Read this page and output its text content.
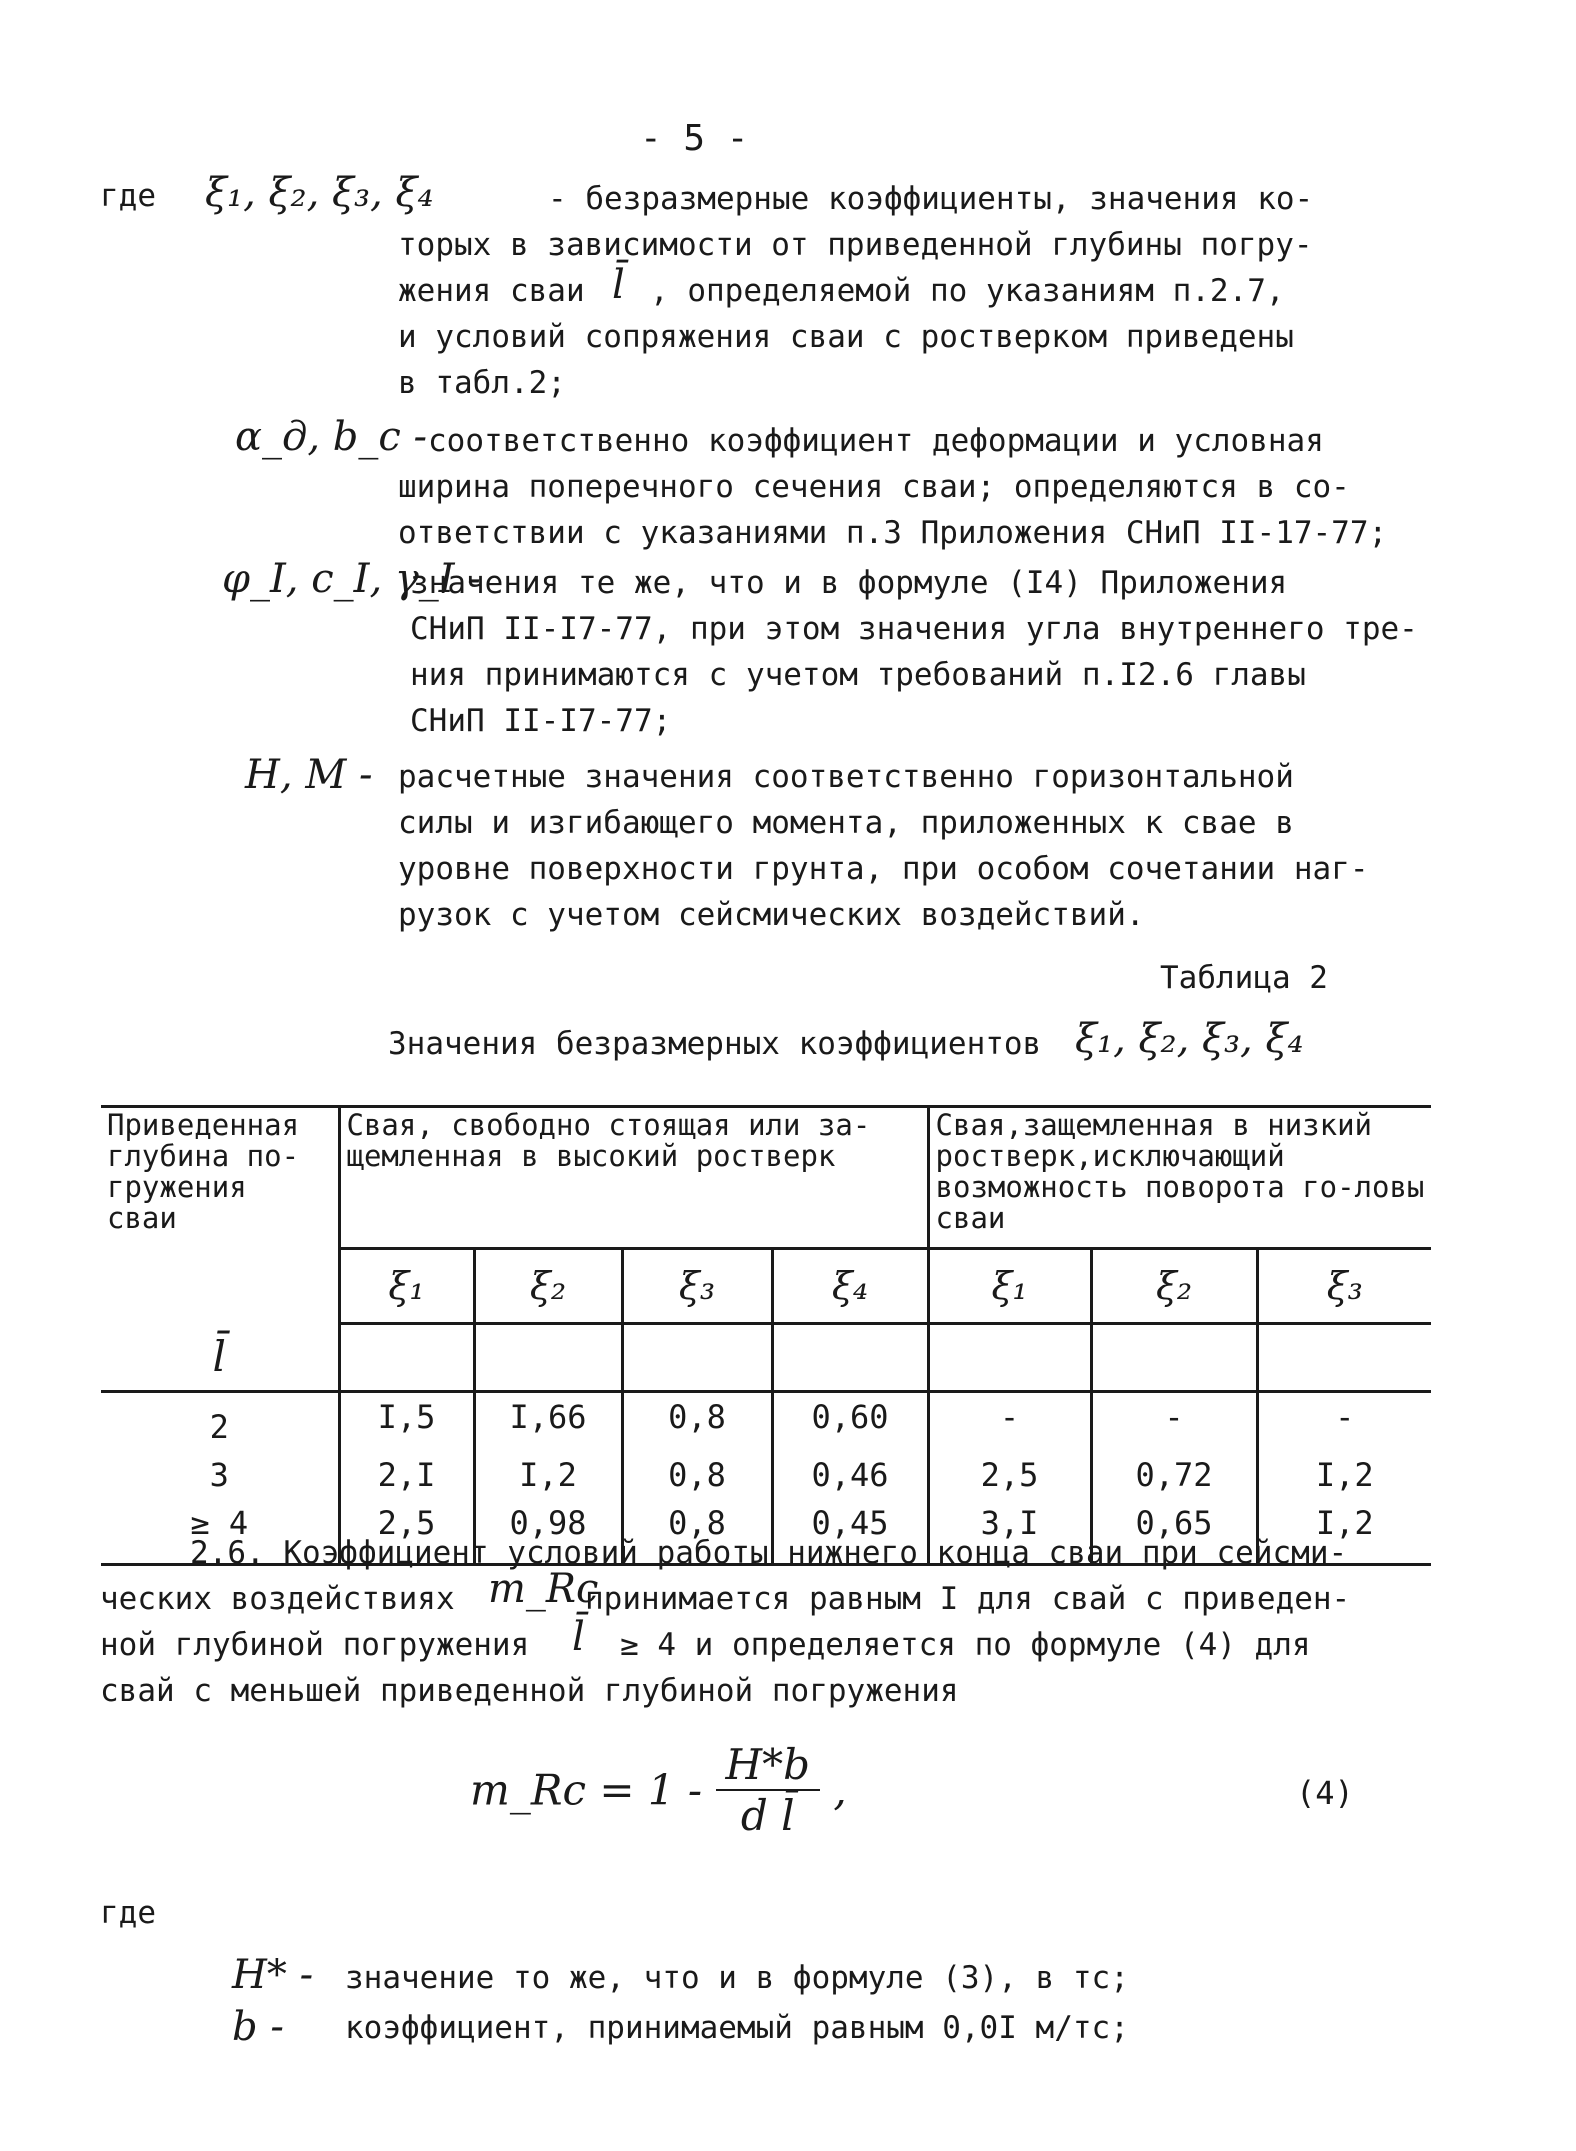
- 5 -
где ξ₁, ξ₂, ξ₃, ξ₄	- безразмерные коэффициенты, значения ко-
торых в зависимости от приведенной глубины погру-
жения сваи l̄ , определяемой по указаниям п.2.7,
и условий сопряжения сваи с ростверком приведены
в табл.2;
α_д, b_c - соответственно коэффициент деформации и условная
ширина поперечного сечения сваи; определяются в со-
ответствии с указаниями п.3 Приложения СНиП II-17-77;
φ_I, c_I, γ_I -
значения те же, что и в формуле (I4) Приложения
СНиП II-I7-77, при этом значения угла внутреннего тре-
ния принимаются с учетом требований п.I2.6 главы
СНиП II-I7-77;
H, M - расчетные значения соответственно горизонтальной
силы и изгибающего момента, приложенных к свае в
уровне поверхности грунта, при особом сочетании наг-
рузок с учетом сейсмических воздействий.
Таблица 2
Значения безразмерных коэффициентов ξ₁, ξ₂, ξ₃, ξ₄
Приведенная глубина по-гружения сваи	Свая, свободно стоящая или за-щемленная в высокий ростверк				Свая,защемленная в низкий ростверк,исключающий возможность поворота го-ловы сваи		
	ξ₁	ξ₂	ξ₃	ξ₄	ξ₁	ξ₂	ξ₃
l̄							
2	I,5	I,66	0,8	0,60	-	-	-
3	2,I	I,2	0,8	0,46	2,5	0,72	I,2
≥ 4	2,5	0,98	0,8	0,45	3,I	0,65	I,2
2.6. Коэффициент условий работы нижнего конца сваи при сейсми-
ческих воздействиях m_Rc
принимается равным I для свай с приведен-
ной глубиной погружения l̄ ≥ 4 и определяется по формуле (4) для
свай с меньшей приведенной глубиной погружения
m_Rc = $1 - \frac{H*b}{\text{d l̄}}$ ,	(4)
где
H* - значение то же, что и в формуле (3), в тс;
b - коэффициент, принимаемый равным 0,0I м/тс;
